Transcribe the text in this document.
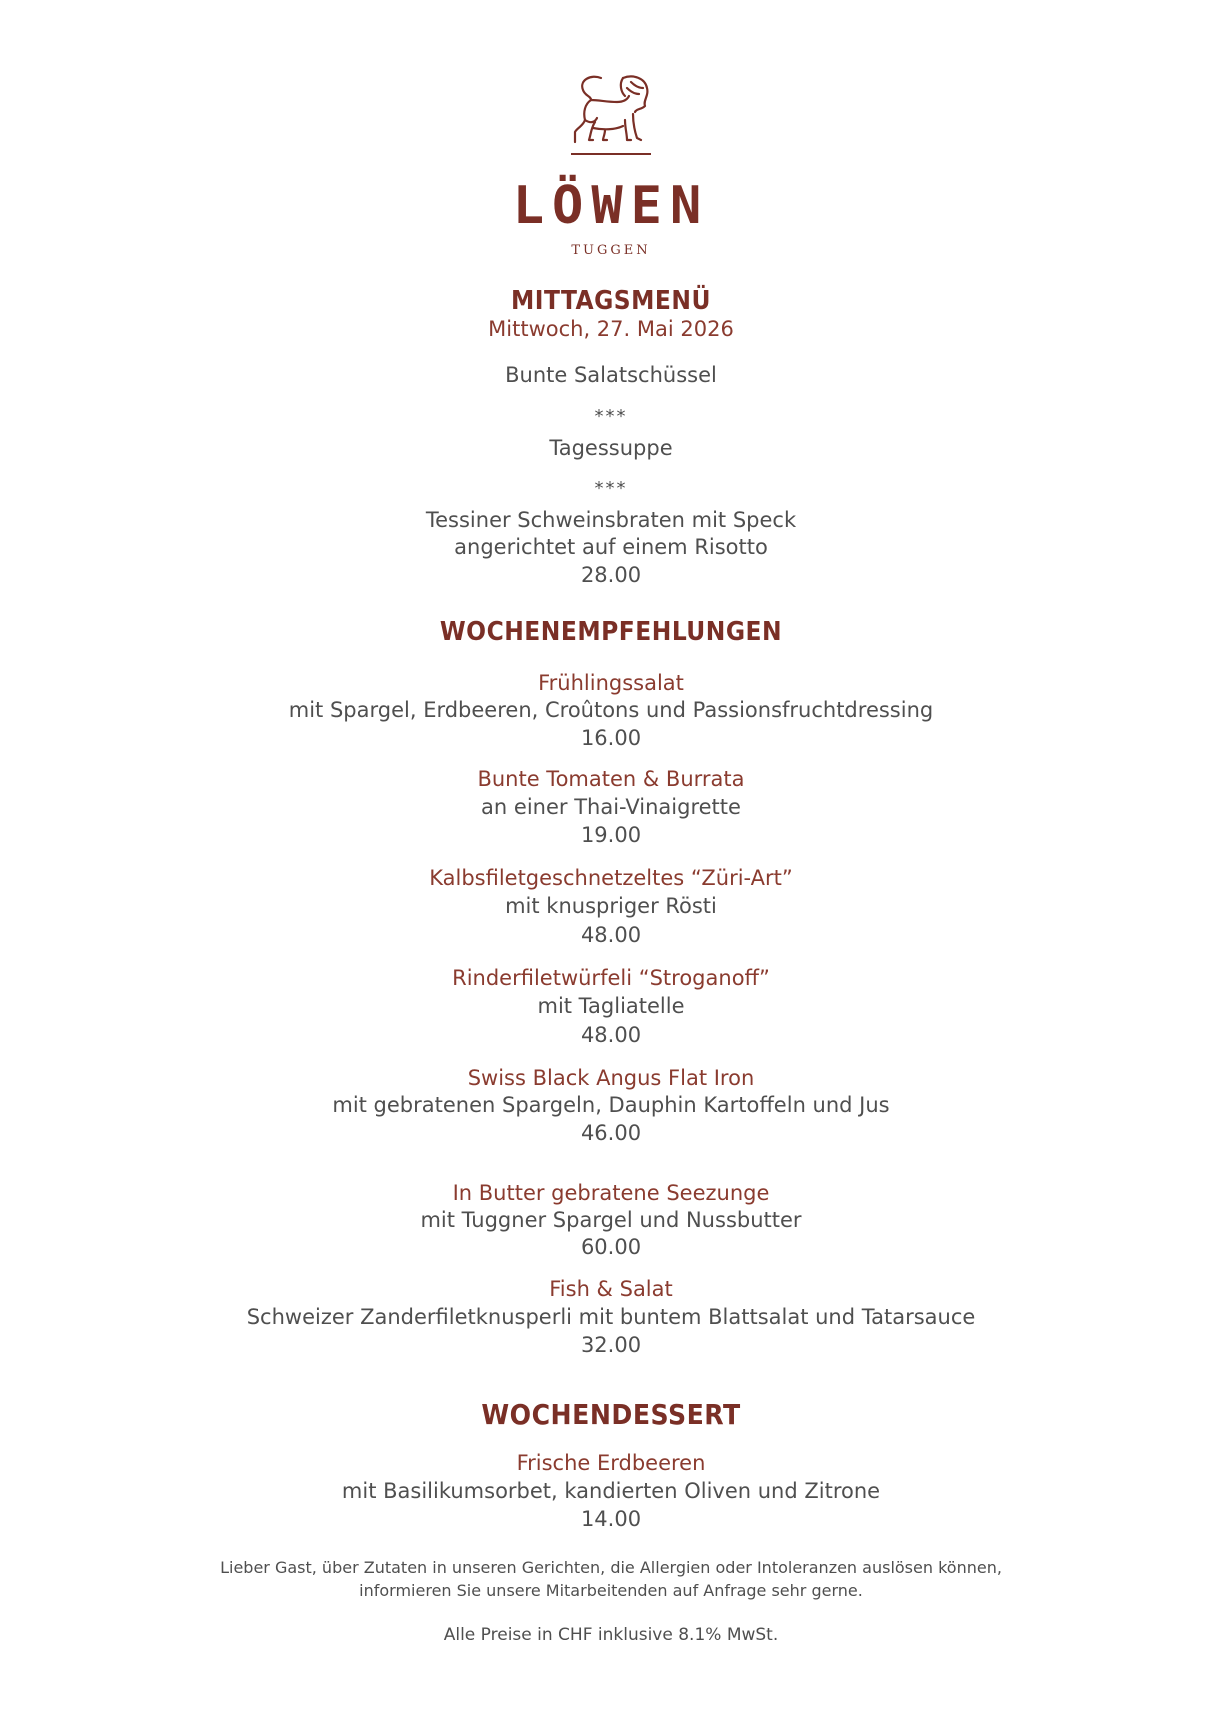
LÖWEN
TUGGEN
MITTAGSMENÜ
Mittwoch, 27. Mai 2026
Bunte Salatschüssel
***
Tagessuppe
***
Tessiner Schweinsbraten mit Speck
angerichtet auf einem Risotto
28.00
WOCHENEMPFEHLUNGEN
Frühlingssalat
mit Spargel, Erdbeeren, Croûtons und Passionsfruchtdressing
16.00
Bunte Tomaten & Burrata
an einer Thai-Vinaigrette
19.00
Kalbsfiletgeschnetzeltes “Züri-Art”
mit knuspriger Rösti
48.00
Rinderfiletwürfeli “Stroganoff”
mit Tagliatelle
48.00
Swiss Black Angus Flat Iron
mit gebratenen Spargeln, Dauphin Kartoffeln und Jus
46.00
In Butter gebratene Seezunge
mit Tuggner Spargel und Nussbutter
60.00
Fish & Salat
Schweizer Zanderfiletknusperli mit buntem Blattsalat und Tatarsauce
32.00
WOCHENDESSERT
Frische Erdbeeren
mit Basilikumsorbet, kandierten Oliven und Zitrone
14.00
Lieber Gast, über Zutaten in unseren Gerichten, die Allergien oder Intoleranzen auslösen können,
informieren Sie unsere Mitarbeitenden auf Anfrage sehr gerne.
Alle Preise in CHF inklusive 8.1% MwSt.
